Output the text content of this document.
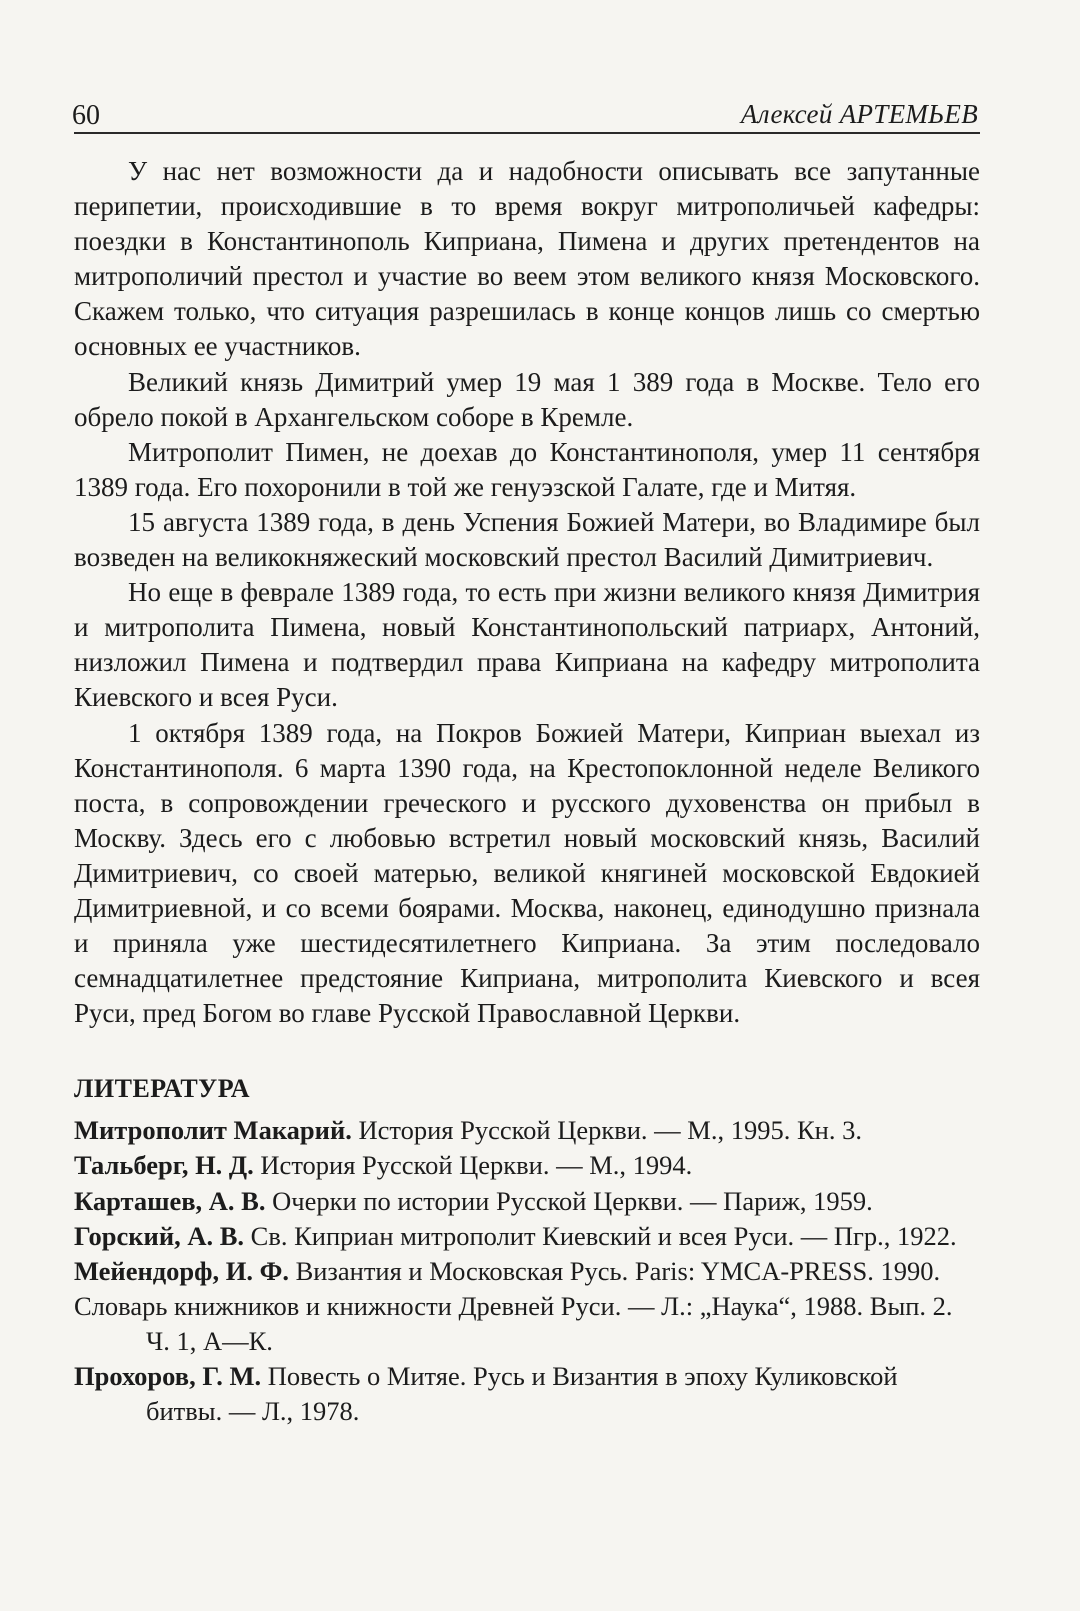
60	Алексей АРТЕМЬЕВ

У нас нет возможности да и надобности описывать все запутанные перипетии, происходившие в то время вокруг митрополичьей кафедры: поездки в Константинополь Киприана, Пимена и других претендентов на митрополичий престол и участие во веем этом великого князя Московского. Скажем только, что ситуация разрешилась в конце концов лишь со смертью основных ее участников.

Великий князь Димитрий умер 19 мая 1 389 года в Москве. Тело его обрело покой в Архангельском соборе в Кремле.

Митрополит Пимен, не доехав до Константинополя, умер 11 сентября 1389 года. Его похоронили в той же генуэзской Галате, где и Митяя.

15 августа 1389 года, в день Успения Божией Матери, во Владимире был возведен на великокняжеский московский престол Василий Димитриевич.

Но еще в феврале 1389 года, то есть при жизни великого князя Димитрия и митрополита Пимена, новый Константинопольский патриарх, Антоний, низложил Пимена и подтвердил права Киприана на кафедру митрополита Киевского и всея Руси.

1 октября 1389 года, на Покров Божией Матери, Киприан выехал из Константинополя. 6 марта 1390 года, на Крестопоклонной неделе Великого поста, в сопровождении греческого и русского духовенства он прибыл в Москву. Здесь его с любовью встретил новый московский князь, Василий Димитриевич, со своей матерью, великой княгиней московской Евдокией Димитриевной, и со всеми боярами. Москва, наконец, единодушно признала и приняла уже шестидесятилетнего Киприана. За этим последовало семнадцатилетнее предстояние Киприана, митрополита Киевского и всея Руси, пред Богом во главе Русской Православной Церкви.

ЛИТЕРАТУРА
Митрополит Макарий. История Русской Церкви. — М., 1995. Кн. 3.
Тальберг, Н. Д. История Русской Церкви. — М., 1994.
Карташев, А. В. Очерки по истории Русской Церкви. — Париж, 1959.
Горский, А. В. Св. Киприан митрополит Киевский и всея Руси. — Пгр., 1922.
Мейендорф, И. Ф. Византия и Московская Русь. Paris: YMCA-PRESS. 1990.
Словарь книжников и книжности Древней Руси. — Л.: „Наука“, 1988. Вып. 2. Ч. 1, А—К.
Прохоров, Г. М. Повесть о Митяе. Русь и Византия в эпоху Куликовской битвы. — Л., 1978.
